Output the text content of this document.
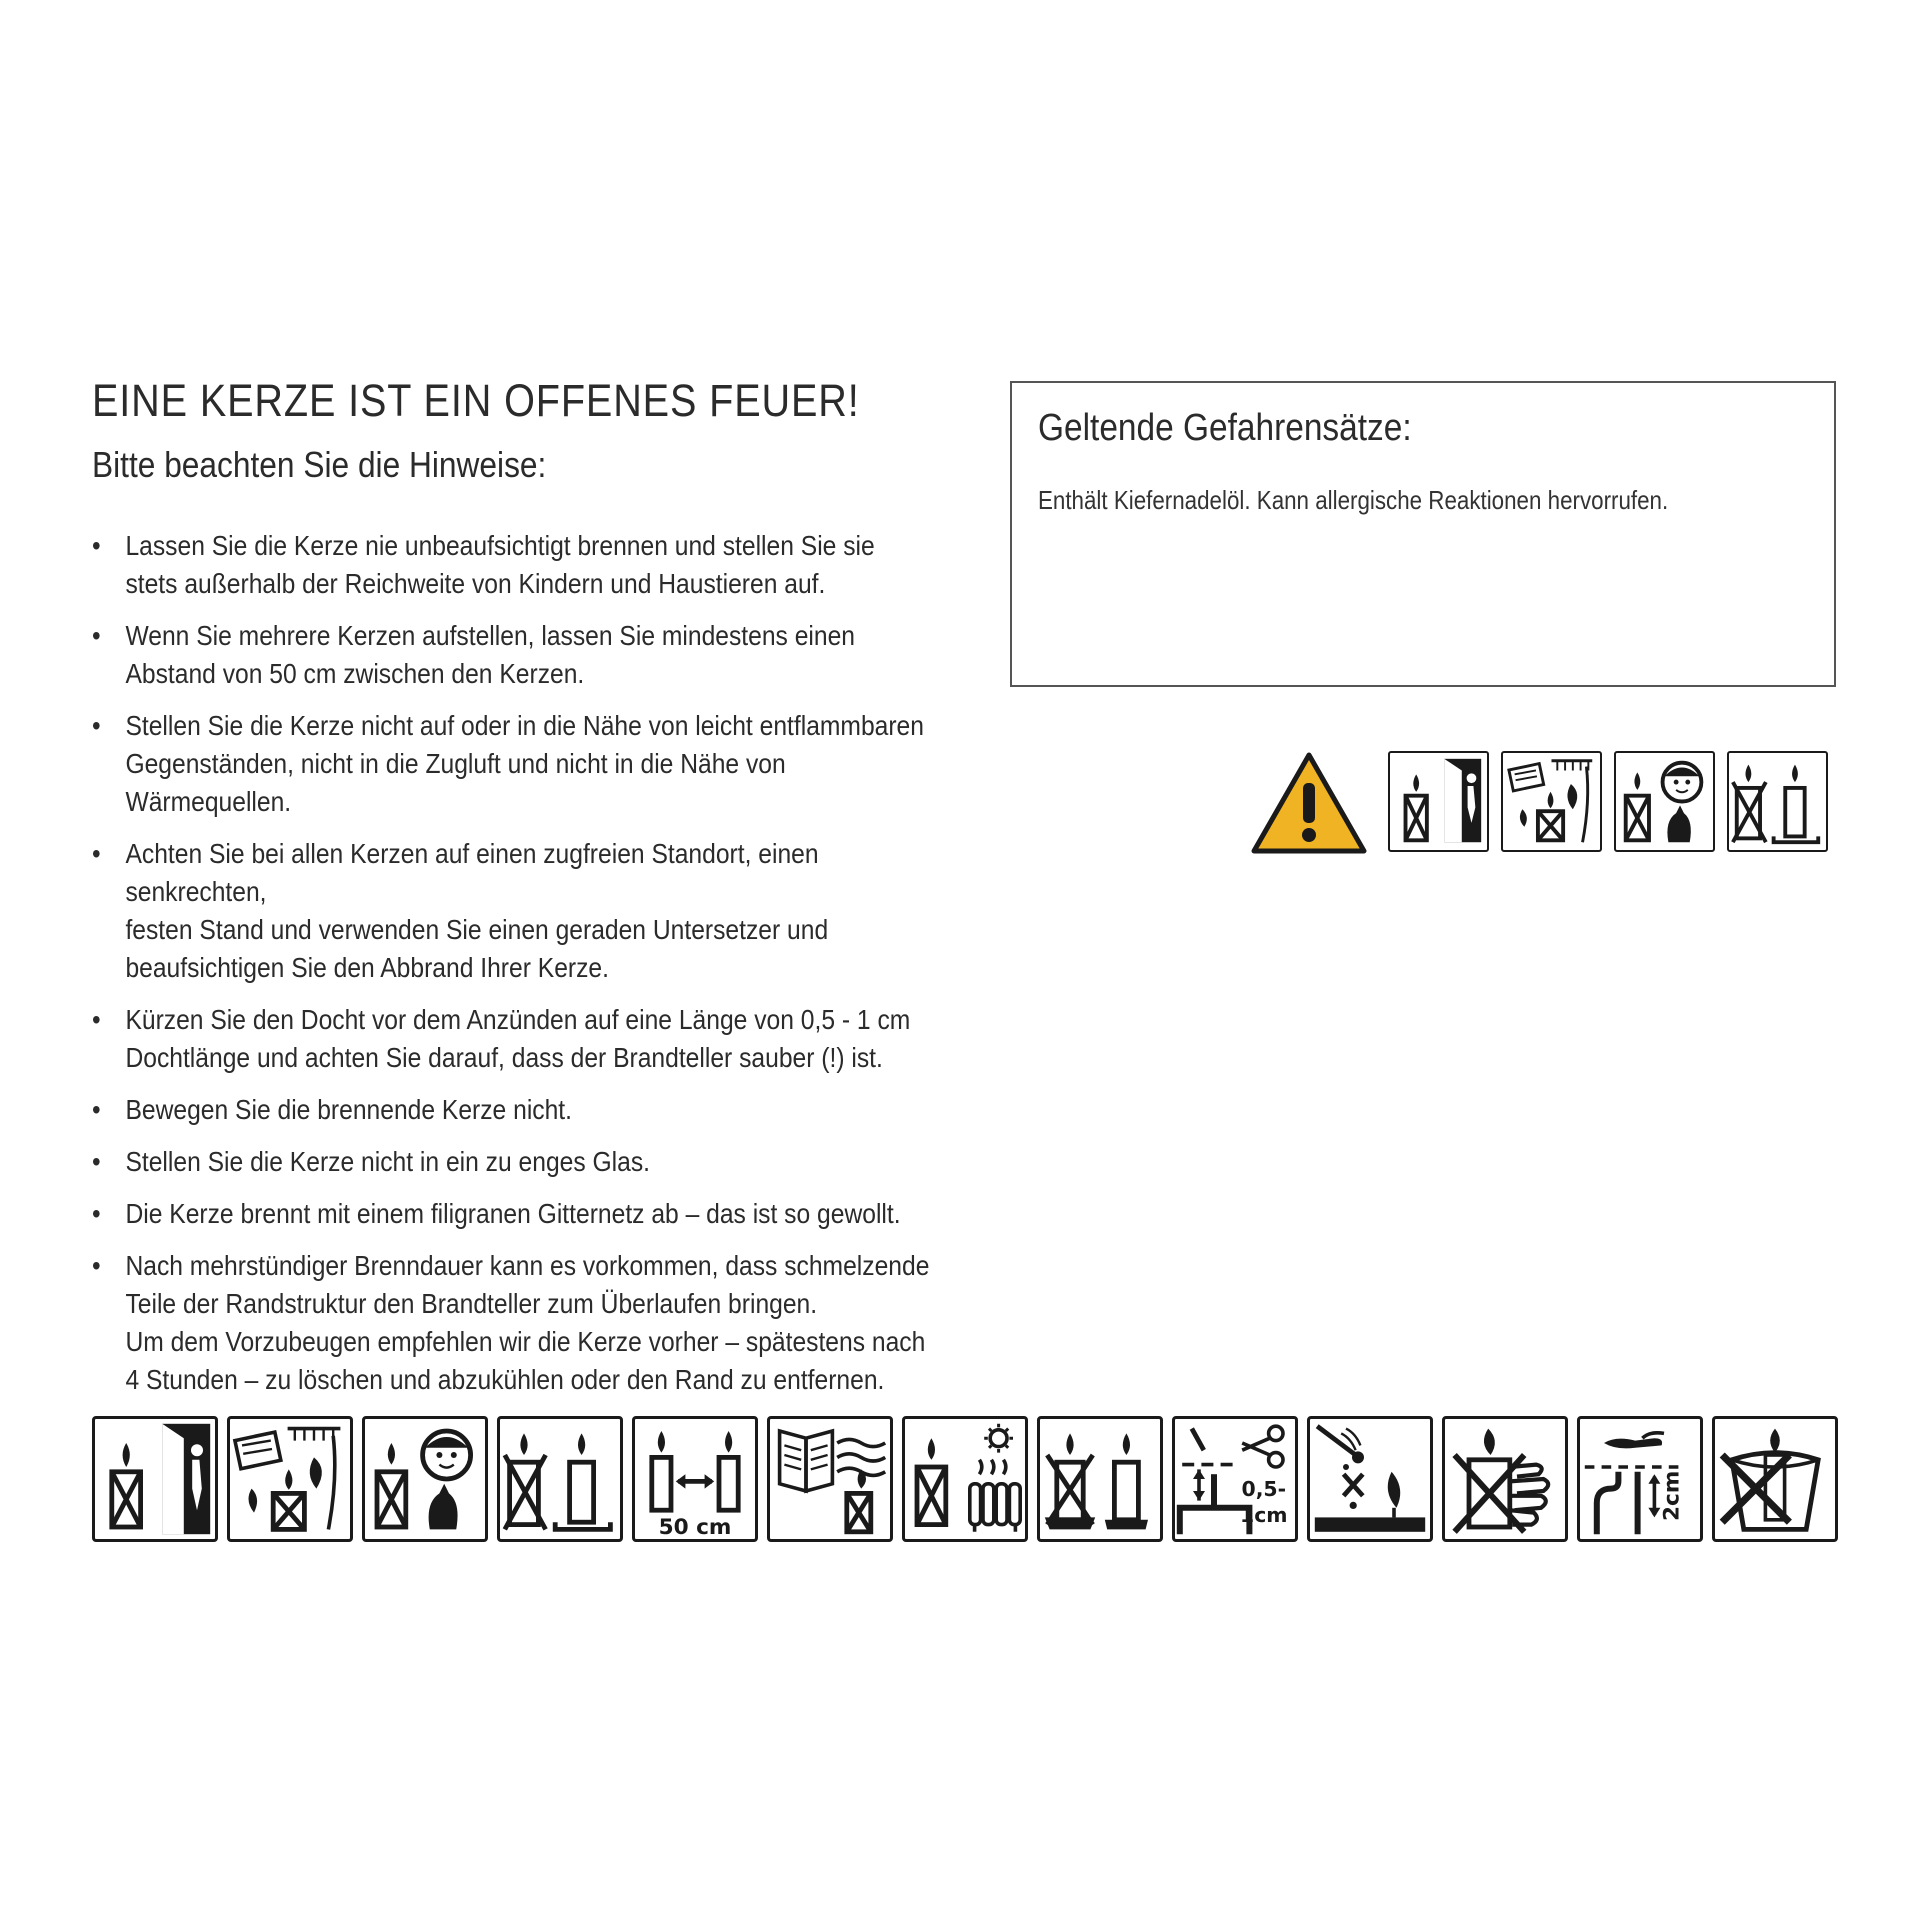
EINE KERZE IST EIN OFFENES FEUER!
Bitte beachten Sie die Hinweise:
• Lassen Sie die Kerze nie unbeaufsichtigt brennen und stellen Sie sie
stets außerhalb der Reichweite von Kindern und Haustieren auf.
• Wenn Sie mehrere Kerzen aufstellen, lassen Sie mindestens einen
Abstand von 50 cm zwischen den Kerzen.
• Stellen Sie die Kerze nicht auf oder in die Nähe von leicht entflammbaren
Gegenständen, nicht in die Zugluft und nicht in die Nähe von Wärmequellen.
• Achten Sie bei allen Kerzen auf einen zugfreien Standort, einen senkrechten,
festen Stand und verwenden Sie einen geraden Untersetzer und
beaufsichtigen Sie den Abbrand Ihrer Kerze.
• Kürzen Sie den Docht vor dem Anzünden auf eine Länge von 0,5 - 1 cm
Dochtlänge und achten Sie darauf, dass der Brandteller sauber (!) ist.
• Bewegen Sie die brennende Kerze nicht.
• Stellen Sie die Kerze nicht in ein zu enges Glas.
• Die Kerze brennt mit einem filigranen Gitternetz ab – das ist so gewollt.
• Nach mehrstündiger Brenndauer kann es vorkommen, dass schmelzende
Teile der Randstruktur den Brandteller zum Überlaufen bringen.
Um dem Vorzubeugen empfehlen wir die Kerze vorher – spätestens nach
4 Stunden – zu löschen und abzukühlen oder den Rand zu entfernen.
Geltende Gefahrensätze:
Enthält Kiefernadelöl. Kann allergische Reaktionen hervorrufen.
50 cm
0,5-
1cm	2cm
